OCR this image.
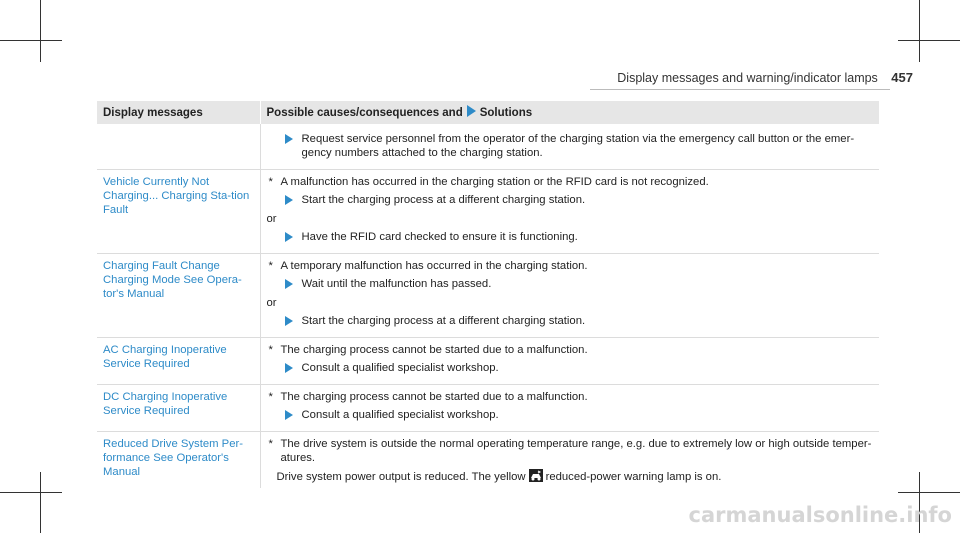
Display messages and warning/indicator lamps 457
Display messages	Possible causes/consequences and Solutions

	Request service personnel from the operator of the charging station via the emergency call button or the emer-gency numbers attached to the charging station.

Vehicle Currently Not Charging... Charging Sta-tion Fault	* A malfunction has occurred in the charging station or the RFID card is not recognized.
Start the charging process at a different charging station.
or
Have the RFID card checked to ensure it is functioning.

Charging Fault Change Charging Mode See Opera-tor's Manual	* A temporary malfunction has occurred in the charging station.
Wait until the malfunction has passed.
or
Start the charging process at a different charging station.

AC Charging Inoperative Service Required	* The charging process cannot be started due to a malfunction.
Consult a qualified specialist workshop.

DC Charging Inoperative Service Required	* The charging process cannot be started due to a malfunction.
Consult a qualified specialist workshop.

Reduced Drive System Per-formance See Operator's Manual	* The drive system is outside the normal operating temperature range, e.g. due to extremely low or high outside temper-atures.
Drive system power output is reduced. The yellow reduced-power warning lamp is on.
carmanualsonline.info
